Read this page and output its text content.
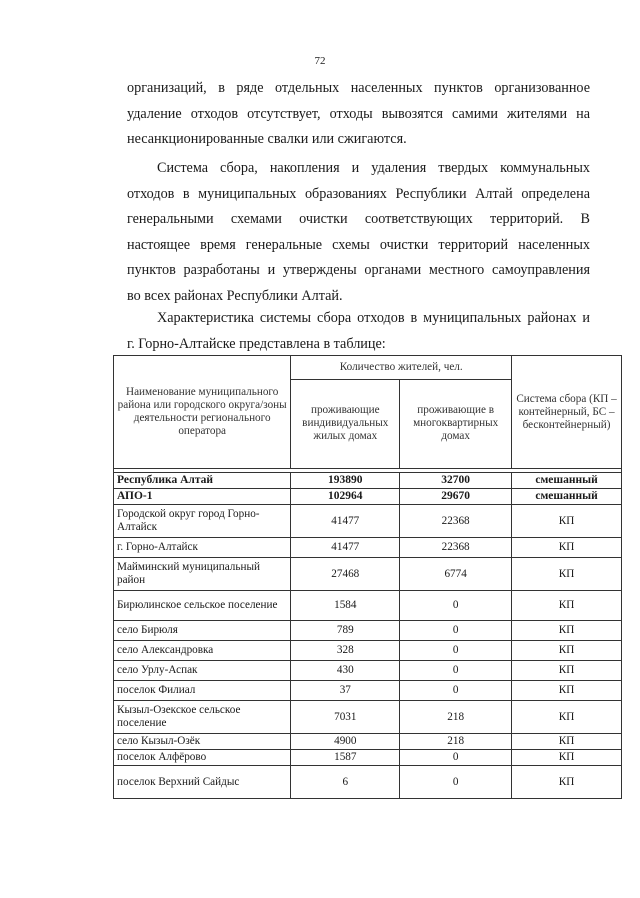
72
организаций, в ряде отдельных населенных пунктов организованное
удаление отходов отсутствует, отходы вывозятся самими жителями на
несанкционированные свалки или сжигаются.
Система сбора, накопления и удаления твердых коммунальных
отходов в муниципальных образованиях Республики Алтай определена
генеральными схемами очистки соответствующих территорий. В
настоящее время генеральные схемы очистки территорий населенных
пунктов разработаны и утверждены органами местного самоуправления
во всех районах Республики Алтай.
Характеристика системы сбора отходов в муниципальных районах и
г. Горно-Алтайске представлена в таблице:
Наименование муниципального района или городского округа/зоны деятельности регионального оператора	Количество жителей, чел.		Система сбора (КП – контейнерный, БС – бесконтейнерный)
	проживающие виндивидуальных жилых домах	проживающие в многоквартирных домах	

Республика Алтай	193890	32700	смешанный
АПО-1	102964	29670	смешанный
Городской округ город Горно-Алтайск	41477	22368	КП
г. Горно-Алтайск	41477	22368	КП
Майминский муниципальный район	27468	6774	КП
Бирюлинское сельское поселение	1584	0	КП
село Бирюля	789	0	КП
село Александровка	328	0	КП
село Урлу-Аспак	430	0	КП
поселок Филиал	37	0	КП
Кызыл-Озекское сельское поселение	7031	218	КП
село Кызыл-Озёк	4900	218	КП
поселок Алфёрово	1587	0	КП
поселок Верхний Сайдыс	6	0	КП
